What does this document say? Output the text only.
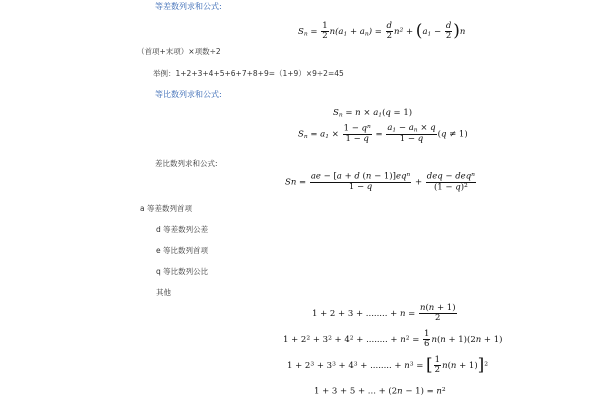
等差数列求和公式:
$S_n = \frac{1}{2} n(a_1 + a_n) = \frac{d}{2} n^2 + (a_1 - \frac{d}{2} )n$
（首项+末项）×项数÷2
举例：1+2+3+4+5+6+7+8+9=（1+9）×9÷2=45
等比数列求和公式:
$S_n = n \times a_1(q = 1)$
$S_n = a_1 \times \frac{1 - q^n}{1 - q} = \frac{a_1 - a_n \times q}{1 - q} (q \ne 1)$
差比数列求和公式:
$Sn = \frac{ae - [a + d (n - 1)]eq^n}{1 - q} + \frac{deq - deq^n}{(1 - q)^2}$
a 等差数列首项
d 等差数列公差
e 等比数列首项
q 等比数列公比
其他
1 + 2 + 3 + ........ + $n = \frac{n(n + 1)}{2}$
$1 + 2^2 + 3^2 + 4^2$ + ........ + $n^2 = \frac{1}{6} n(n + 1)(2n + 1)$
$1 + 2^3 + 3^3 + 4^3$ + ........ + $n^3$ = [ $\frac{1}{2} n(n + 1)]^2$
1 + 3 + 5 + ... + $(2n - 1) = n^2$
